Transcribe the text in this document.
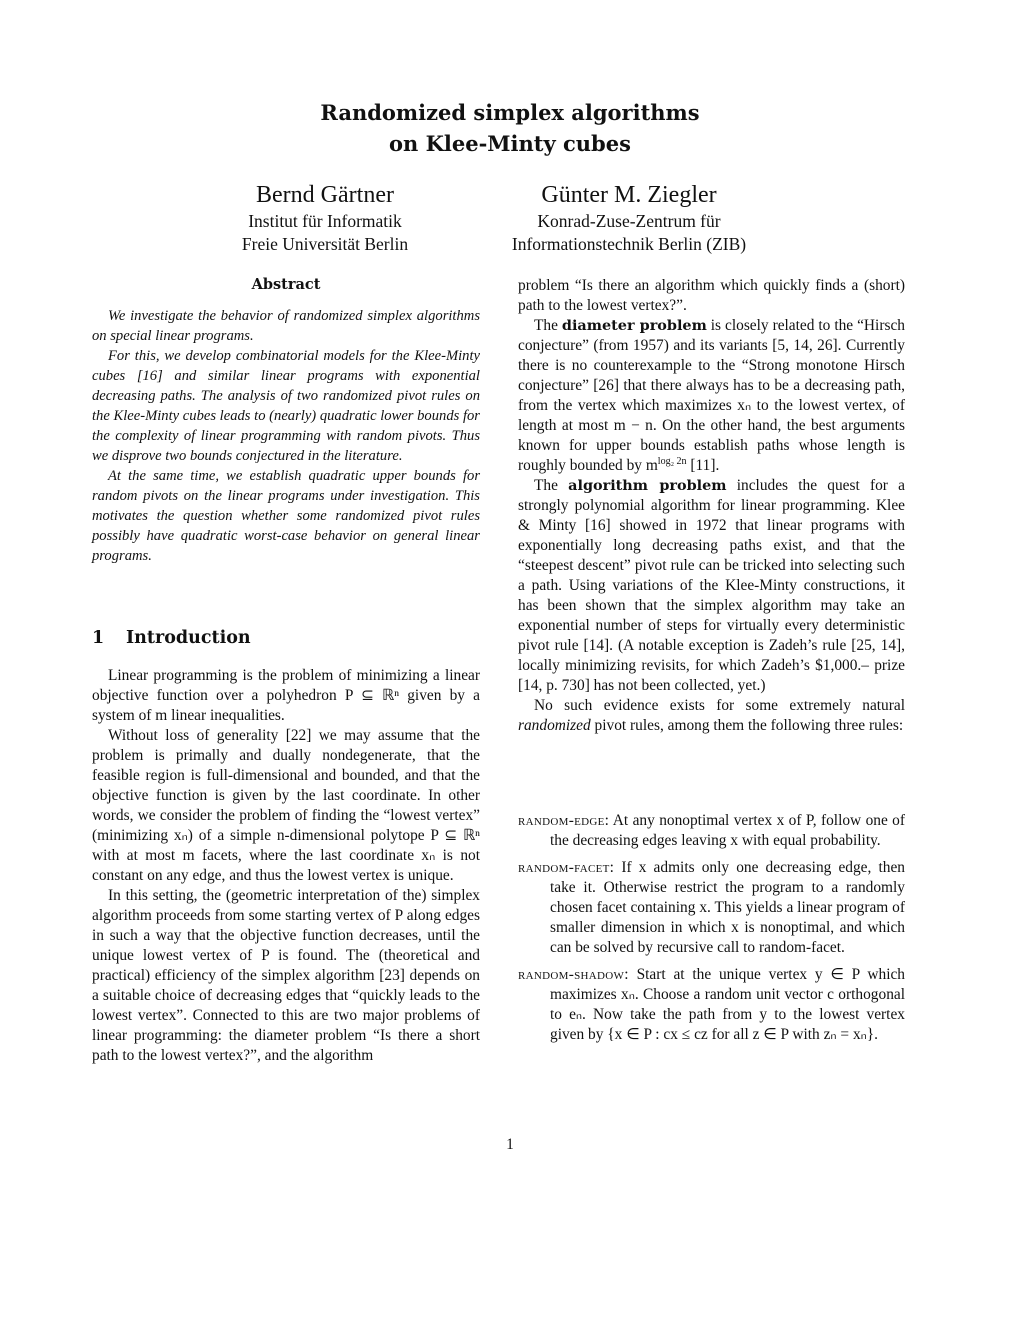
Randomized simplex algorithms
on Klee-Minty cubes
Bernd Gärtner
Institut für Informatik
Freie Universität Berlin
Günter M. Ziegler
Konrad-Zuse-Zentrum für
Informationstechnik Berlin (ZIB)
Abstract

We investigate the behavior of randomized simplex algorithms on special linear programs.

For this, we develop combinatorial models for the Klee-Minty cubes [16] and similar linear programs with exponential decreasing paths. The analysis of two randomized pivot rules on the Klee-Minty cubes leads to (nearly) quadratic lower bounds for the complexity of linear programming with random pivots. Thus we disprove two bounds conjectured in the literature.

At the same time, we establish quadratic upper bounds for random pivots on the linear programs under investigation. This motivates the question whether some randomized pivot rules possibly have quadratic worst-case behavior on general linear programs.

1 Introduction

Linear programming is the problem of minimizing a linear objective function over a polyhedron P ⊆ ℝⁿ given by a system of m linear inequalities.

Without loss of generality [22] we may assume that the problem is primally and dually nondegenerate, that the feasible region is full-dimensional and bounded, and that the objective function is given by the last coordinate. In other words, we consider the problem of finding the “lowest vertex” (minimizing xₙ) of a simple n-dimensional polytope P ⊆ ℝⁿ with at most m facets, where the last coordinate xₙ is not constant on any edge, and thus the lowest vertex is unique.

In this setting, the (geometric interpretation of the) simplex algorithm proceeds from some starting vertex of P along edges in such a way that the objective function decreases, until the unique lowest vertex of P is found. The (theoretical and practical) efficiency of the simplex algorithm [23] depends on a suitable choice of decreasing edges that “quickly leads to the lowest vertex”. Connected to this are two major problems of linear programming: the diameter problem “Is there a short path to the lowest vertex?”, and the algorithm

problem “Is there an algorithm which quickly finds a (short) path to the lowest vertex?”.

The diameter problem is closely related to the “Hirsch conjecture” (from 1957) and its variants [5, 14, 26]. Currently there is no counterexample to the “Strong monotone Hirsch conjecture” [26] that there always has to be a decreasing path, from the vertex which maximizes xₙ to the lowest vertex, of length at most m − n. On the other hand, the best arguments known for upper bounds establish paths whose length is roughly bounded by $m^{log_2 2n}$ [11].

The algorithm problem includes the quest for a strongly polynomial algorithm for linear programming. Klee & Minty [16] showed in 1972 that linear programs with exponentially long decreasing paths exist, and that the “steepest descent” pivot rule can be tricked into selecting such a path. Using variations of the Klee-Minty constructions, it has been shown that the simplex algorithm may take an exponential number of steps for virtually every deterministic pivot rule [14]. (A notable exception is Zadeh’s rule [25, 14], locally minimizing revisits, for which Zadeh’s $1,000.– prize [14, p. 730] has not been collected, yet.)

No such evidence exists for some extremely natural randomized pivot rules, among them the following three rules:

random-edge: At any nonoptimal vertex x of P, follow one of the decreasing edges leaving x with equal probability.

random-facet: If x admits only one decreasing edge, then take it. Otherwise restrict the program to a randomly chosen facet containing x. This yields a linear program of smaller dimension in which x is nonoptimal, and which can be solved by recursive call to random-facet.

random-shadow: Start at the unique vertex y ∈ P which maximizes xₙ. Choose a random unit vector c orthogonal to eₙ. Now take the path from y to the lowest vertex given by {x ∈ P : cx ≤ cz for all z ∈ P with zₙ = xₙ}.

1
